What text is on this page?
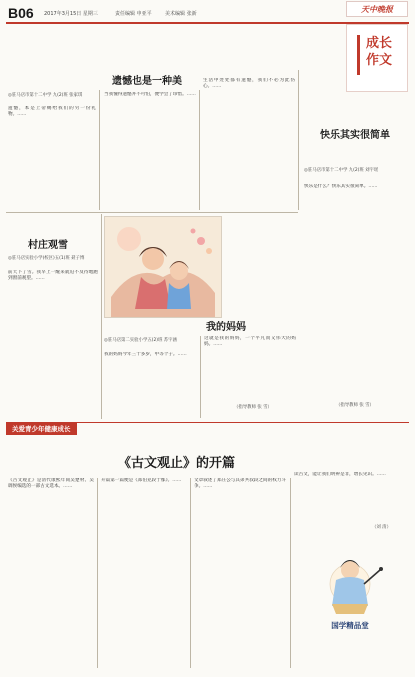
B06 2017年3月15日 星期三	责任编辑 申亚平	美术编辑 张新	天中晚报
成长作文
遗憾也是一种美
◎驻马店市第十二中学 九(2)班 张家琪
遗憾，本是上帝赐给我们的另一份礼物。……
当我懂得遗憾并不可怕，便学会了珍惜。……
生活中处处都有遗憾，我们不必为此伤心。……
快乐其实很简单
◎驻马店市第十二中学 九(2)班 刘宇瑶
快乐是什么？快乐其实很简单。……
（指导教师 张 雪）
村庄观雪
◎驻马店实验小学(校区)五(1)班 聂子博
前天下了雪。我早上一醒来就迫不及待地跑到窗前观望。……
我的妈妈
◎驻马店第二实验小学五(2)班 苏宇涵
我的妈妈今年三十多岁，中等个子。……
这就是我的妈妈，一个平凡而又伟大的妈妈。……
（指导教师 张 雪）
关爱青少年健康成长
《古文观止》的开篇
《古文观止》是清代康熙年间吴楚材、吴调侯编选的一部古文选本。……
开篇第一篇便是《郑伯克段于鄢》。……	文章叙述了郑庄公与其弟共叔段之间的权力斗争。……
读古文，能让我们明辨是非，增长见识。……
（刘 清）
国学精品堂
